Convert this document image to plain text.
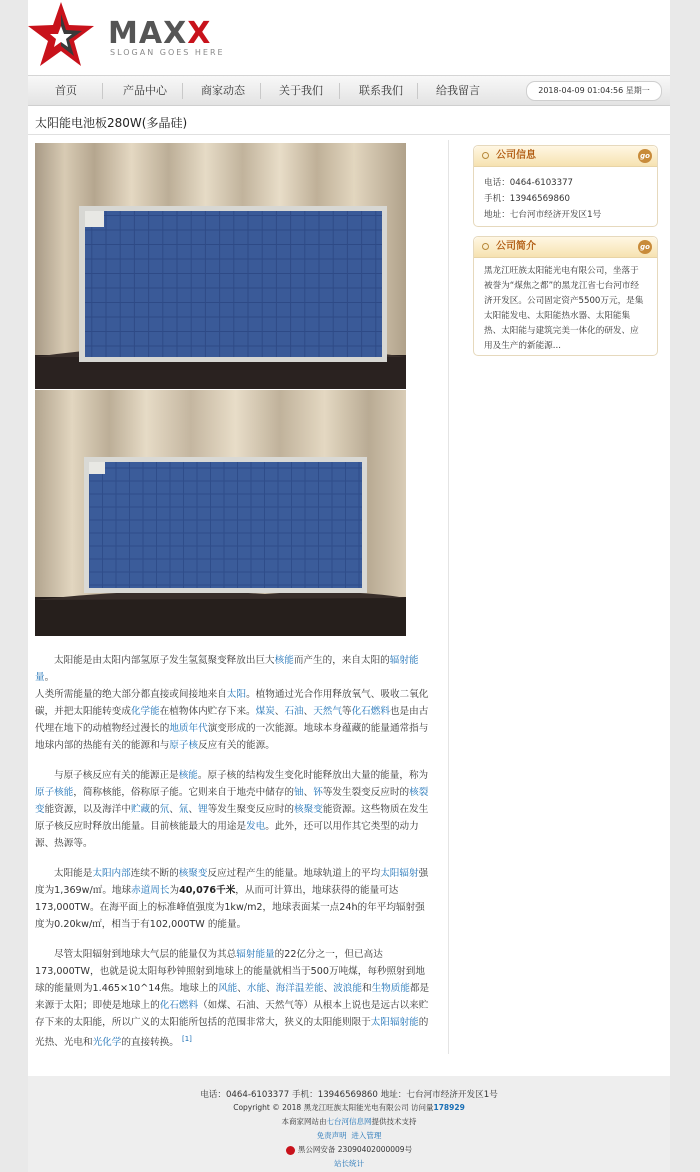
MAXX
SLOGAN GOES HERE
首页	产品中心	商家动态	关于我们	联系我们	给我留言	2018-04-09 01:04:56 星期一
太阳能电池板280W(多晶硅)

太阳能是由太阳内部氢原子发生氢氦聚变释放出巨大核能而产生的，来自太阳的辐射能量。

人类所需能量的绝大部分都直接或间接地来自太阳。植物通过光合作用释放氧气、吸收二氧化碳，并把太阳能转变成化学能在植物体内贮存下来。煤炭、石油、天然气等化石燃料也是由古代埋在地下的动植物经过漫长的地质年代演变形成的一次能源。地球本身蕴藏的能量通常指与地球内部的热能有关的能源和与原子核反应有关的能源。

与原子核反应有关的能源正是核能。原子核的结构发生变化时能释放出大量的能量，称为原子核能，简称核能，俗称原子能。它则来自于地壳中储存的铀、钚等发生裂变反应时的核裂变能资源，以及海洋中贮藏的氘、氚、锂等发生聚变反应时的核聚变能资源。这些物质在发生原子核反应时释放出能量。目前核能最大的用途是发电。此外，还可以用作其它类型的动力源、热源等。

太阳能是太阳内部连续不断的核聚变反应过程产生的能量。地球轨道上的平均太阳辐射强度为1,369w/㎡。地球赤道周长为40,076千米，从而可计算出，地球获得的能量可达173,000TW。在海平面上的标准峰值强度为1kw/m2，地球表面某一点24h的年平均辐射强度为0.20kw/㎡，相当于有102,000TW 的能量。

尽管太阳辐射到地球大气层的能量仅为其总辐射能量的22亿分之一，但已高达173,000TW，也就是说太阳每秒钟照射到地球上的能量就相当于500万吨煤，每秒照射到地球的能量则为1.465×10^14焦。地球上的风能、水能、海洋温差能、波浪能和生物质能都是来源于太阳；即使是地球上的化石燃料（如煤、石油、天然气等）从根本上说也是远古以来贮存下来的太阳能，所以广义的太阳能所包括的范围非常大，狭义的太阳能则限于太阳辐射能的光热、光电和光化学的直接转换。 [1]

公司信息	go
电话：0464-6103377
手机：13946569860
地址：七台河市经济开发区1号
公司简介	go
黑龙江旺族太阳能光电有限公司，坐落于被誉为“煤焦之都”的黑龙江省七台河市经济开发区。公司固定资产5500万元，是集太阳能发电、太阳能热水器、太阳能集热、太阳能与建筑完美一体化的研发、应用及生产的新能源...
电话：0464-6103377 手机：13946569860 地址：七台河市经济开发区1号
Copyright © 2018 黑龙江旺族太阳能光电有限公司 访问量178929
本商家网站由七台河信息网提供技术支持
免责声明 进入管理
黑公网安备 23090402000009号
站长统计
